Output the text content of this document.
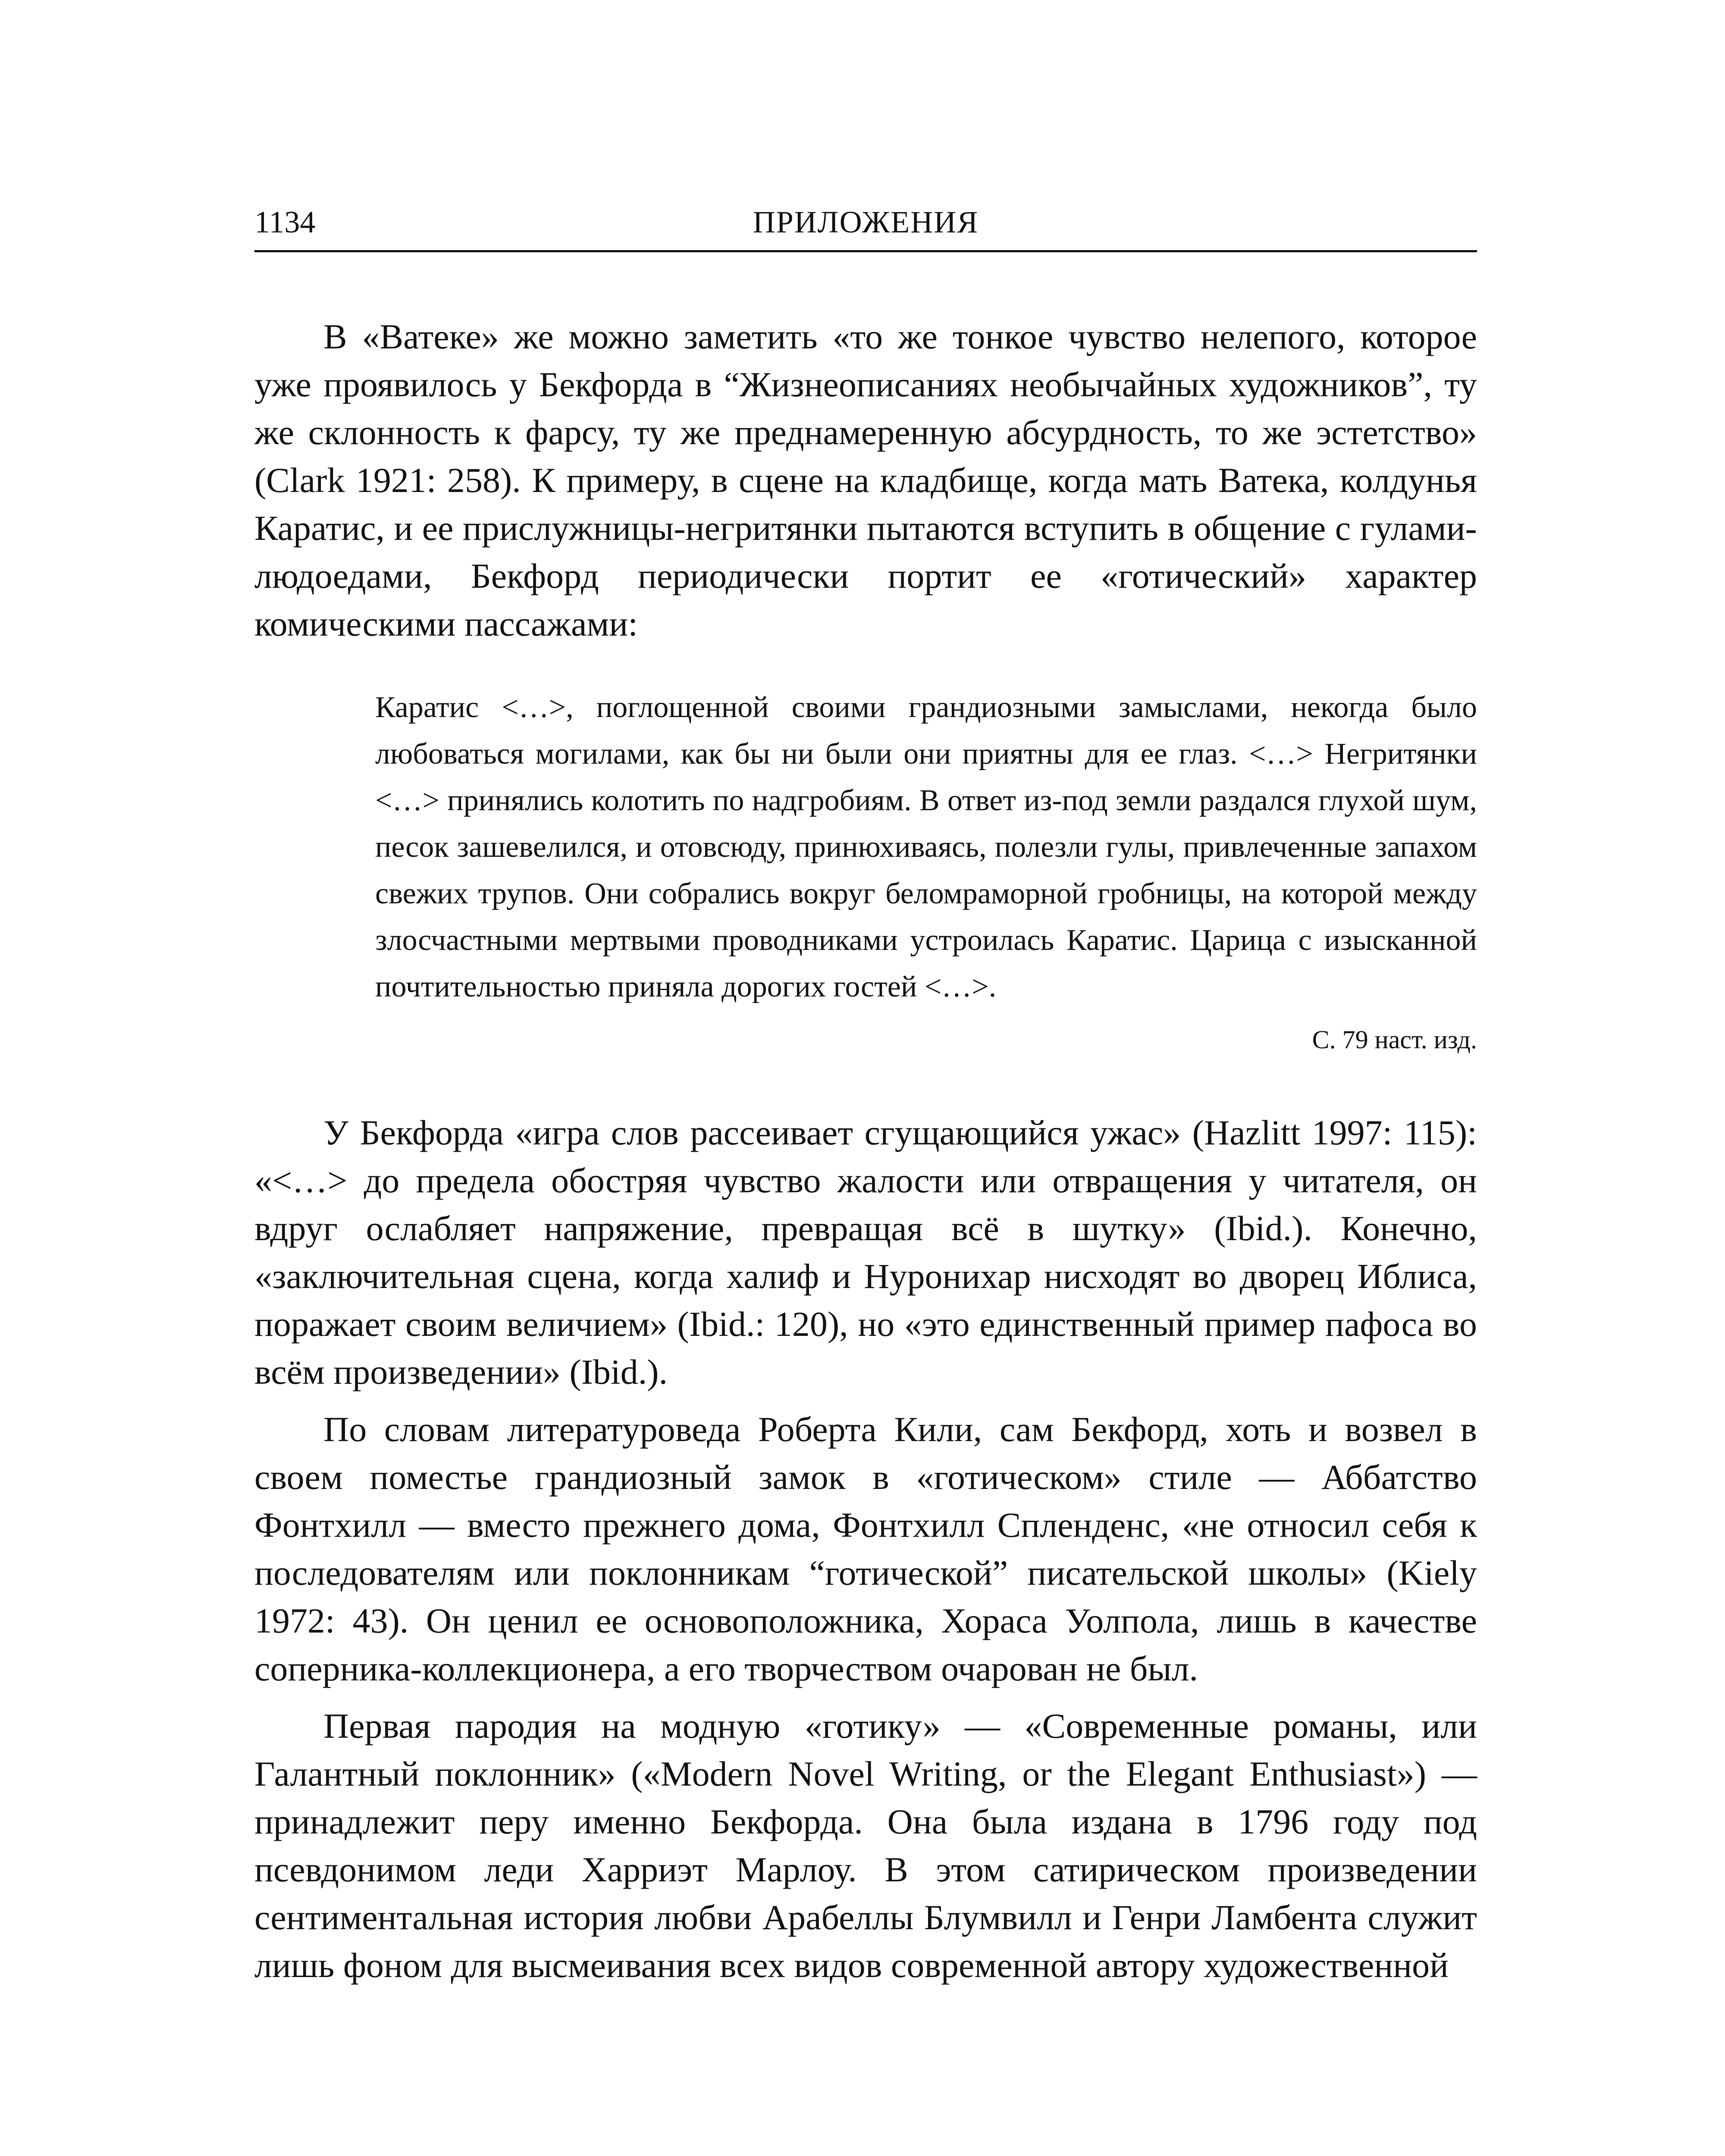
1134	ПРИЛОЖЕНИЯ

В «Ватеке» же можно заметить «то же тонкое чувство нелепого, которое уже проявилось у Бекфорда в “Жизнеописаниях необычайных художников”, ту же склонность к фарсу, ту же преднамеренную абсурдность, то же эстетство» (Clark 1921: 258). К примеру, в сцене на кладбище, когда мать Ватека, колдунья Каратис, и ее прислужницы-негритянки пытаются вступить в общение с гулами-людоедами, Бекфорд периодически портит ее «готический» характер комическими пассажами:

Каратис <…>, поглощенной своими грандиозными замыслами, некогда было любоваться могилами, как бы ни были они приятны для ее глаз. <…> Негритянки <…> принялись колотить по надгробиям. В ответ из-под земли раздался глухой шум, песок зашевелился, и отовсюду, принюхиваясь, полезли гулы, привлеченные запахом свежих трупов. Они собрались вокруг беломраморной гробницы, на которой между злосчастными мертвыми проводниками устроилась Каратис. Царица с изысканной почтительностью приняла дорогих гостей <…>.

С. 79 наст. изд.

У Бекфорда «игра слов рассеивает сгущающийся ужас» (Hazlitt 1997: 115): «<…> до предела обостряя чувство жалости или отвращения у читателя, он вдруг ослабляет напряжение, превращая всё в шутку» (Ibid.). Конечно, «заключительная сцена, когда халиф и Нуронихар нисходят во дворец Иблиса, поражает своим величием» (Ibid.: 120), но «это единственный пример пафоса во всём произведении» (Ibid.).

По словам литературоведа Роберта Кили, сам Бекфорд, хоть и возвел в своем поместье грандиозный замок в «готическом» стиле — Аббатство Фонтхилл — вместо прежнего дома, Фонтхилл Спленденс, «не относил себя к последователям или поклонникам “готической” писательской школы» (Kiely 1972: 43). Он ценил ее основоположника, Хораса Уолпола, лишь в качестве соперника-коллекционера, а его творчеством очарован не был.

Первая пародия на модную «готику» — «Современные романы, или Галантный поклонник» («Modern Novel Writing, or the Elegant Enthusiast») — принадлежит перу именно Бекфорда. Она была издана в 1796 году под псевдонимом леди Харриэт Марлоу. В этом сатирическом произведении сентиментальная история любви Арабеллы Блумвилл и Генри Ламбента служит лишь фоном для высмеивания всех видов современной автору художественной
